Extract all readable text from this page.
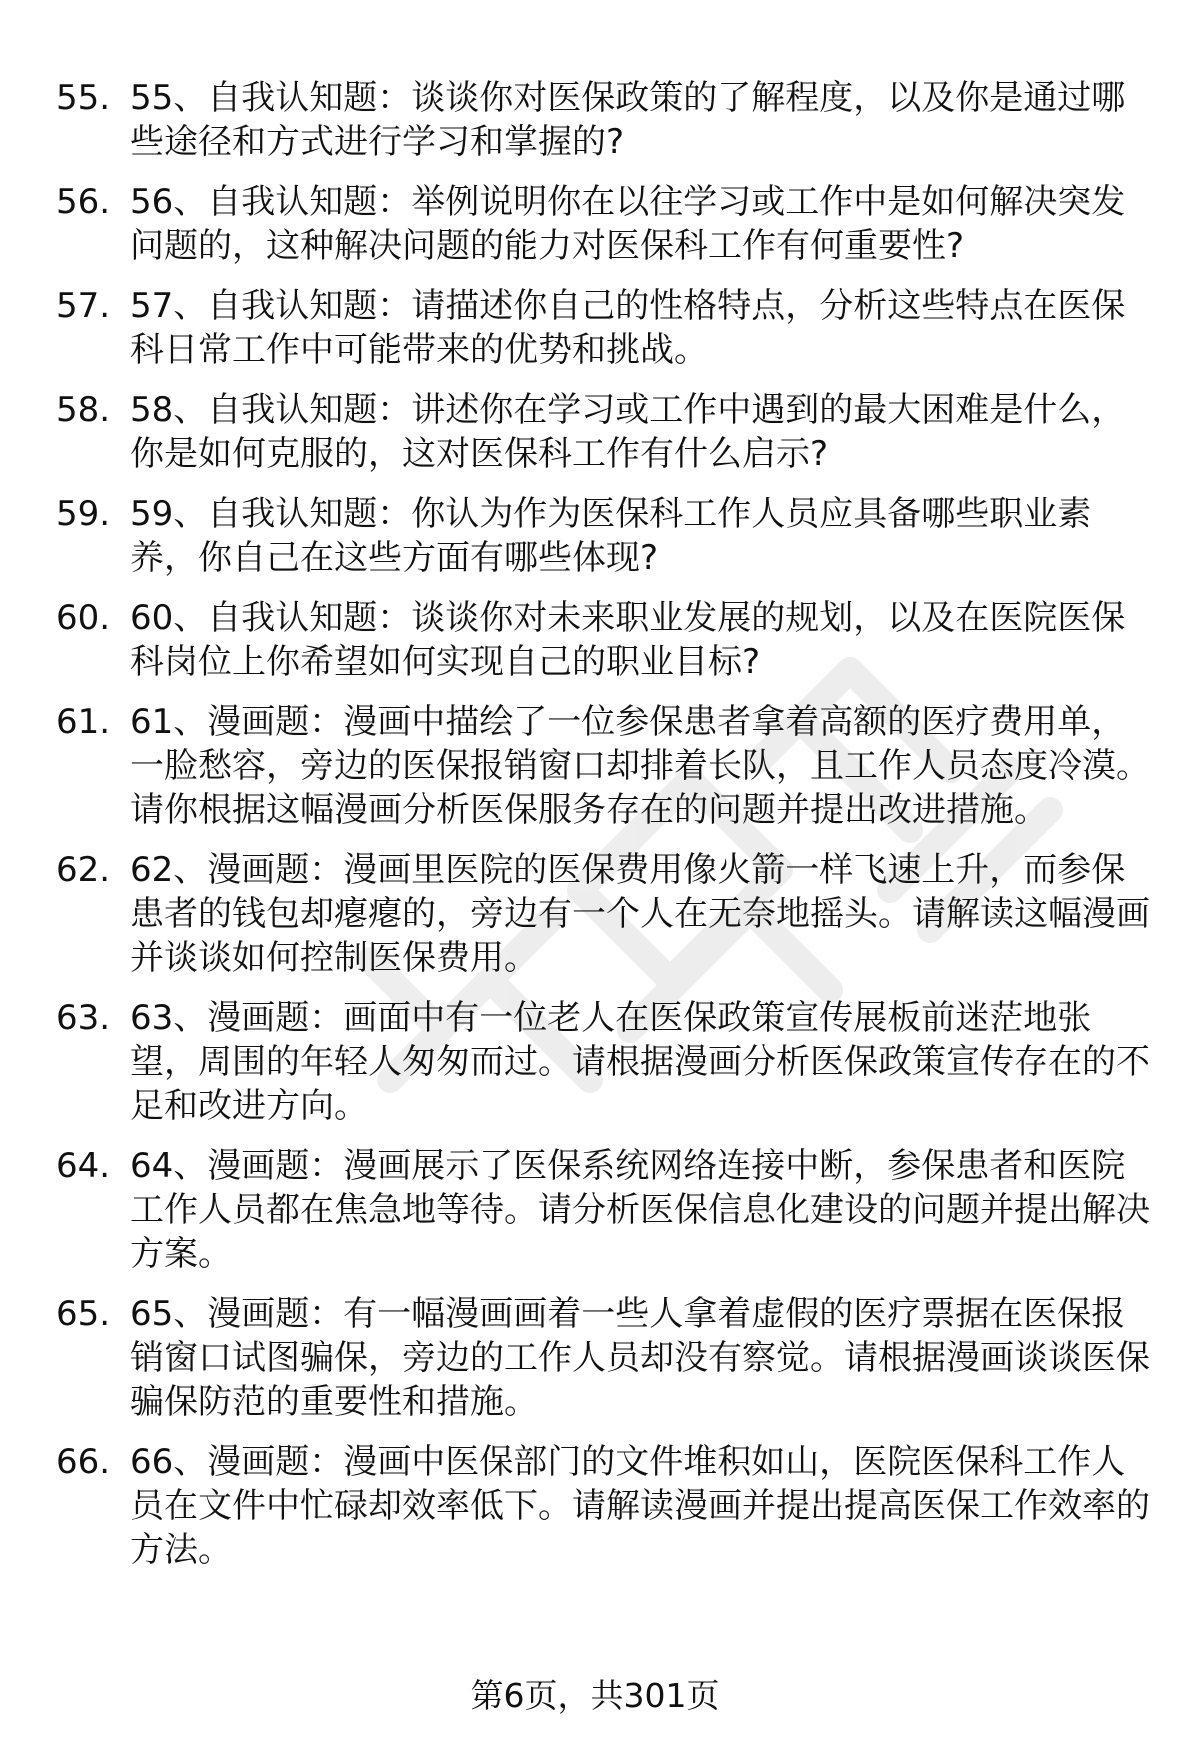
55. 55、自我认知题：谈谈你对医保政策的了解程度，以及你是通过哪些途径和方式进行学习和掌握的?
56. 56、自我认知题：举例说明你在以往学习或工作中是如何解决突发问题的，这种解决问题的能力对医保科工作有何重要性?
57. 57、自我认知题：请描述你自己的性格特点，分析这些特点在医保科日常工作中可能带来的优势和挑战。
58. 58、自我认知题：讲述你在学习或工作中遇到的最大困难是什么，你是如何克服的，这对医保科工作有什么启示?
59. 59、自我认知题：你认为作为医保科工作人员应具备哪些职业素养，你自己在这些方面有哪些体现?
60. 60、自我认知题：谈谈你对未来职业发展的规划，以及在医院医保科岗位上你希望如何实现自己的职业目标?
61. 61、漫画题：漫画中描绘了一位参保患者拿着高额的医疗费用单，一脸愁容，旁边的医保报销窗口却排着长队，且工作人员态度冷漠。请你根据这幅漫画分析医保服务存在的问题并提出改进措施。
62. 62、漫画题：漫画里医院的医保费用像火箭一样飞速上升，而参保患者的钱包却瘪瘪的，旁边有一个人在无奈地摇头。请解读这幅漫画并谈谈如何控制医保费用。
63. 63、漫画题：画面中有一位老人在医保政策宣传展板前迷茫地张望，周围的年轻人匆匆而过。请根据漫画分析医保政策宣传存在的不足和改进方向。
64. 64、漫画题：漫画展示了医保系统网络连接中断，参保患者和医院工作人员都在焦急地等待。请分析医保信息化建设的问题并提出解决方案。
65. 65、漫画题：有一幅漫画画着一些人拿着虚假的医疗票据在医保报销窗口试图骗保，旁边的工作人员却没有察觉。请根据漫画谈谈医保骗保防范的重要性和措施。
66. 66、漫画题：漫画中医保部门的文件堆积如山，医院医保科工作人员在文件中忙碌却效率低下。请解读漫画并提出提高医保工作效率的方法。
第6页，共301页
